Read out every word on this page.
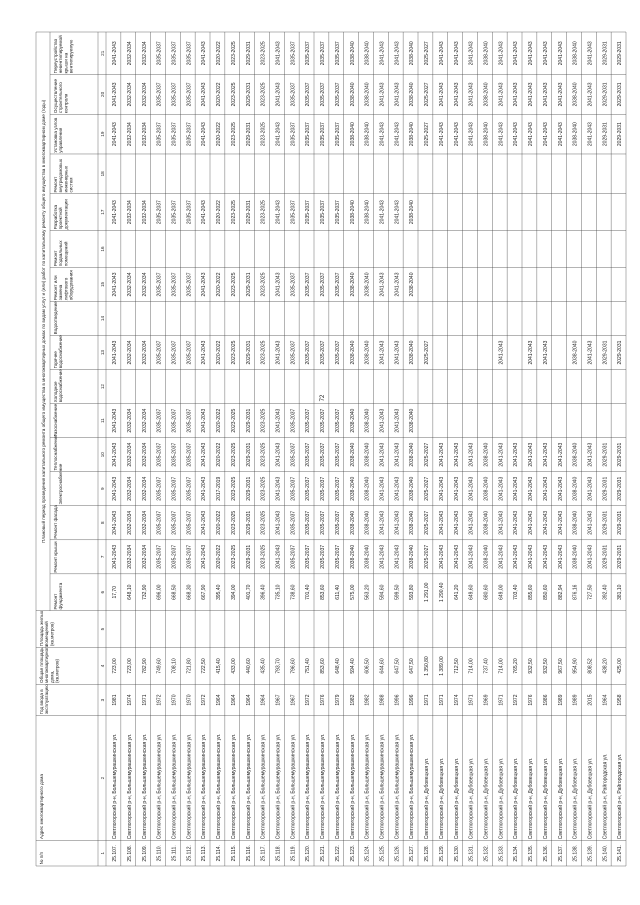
72
№ п/п
Адрес многоквартирного дома
Год ввода в эксплуатацию
Общая площадь многоквартирного дома, (кв.метров)
Площадь жилых помещений (кв.метров)
Плановый период проведения капитального ремонта общего имущества в многоквартирных домах по видам услуг и (или) работ по капитальному ремонту общего имущества в многоквартирном доме (годы)
Ремонт фундамента
Ремонт крыши
Ремонт фасада
Электроснабжение
Теплоснабжение
Газоснабжение
Холодное водоснабжение
Горячее водоснабжение
Водоотведение
Ремонт или замена лифтового оборудования
Ремонт подвальных помещений
Разработка проектной документации
Ремонт внутридомовых инженерных систем
Установка узлов управления
Осуществление строительного контроля
Переустройство невентилируемой крыши на вентилируемую
1
2
3
4
5
6
7
8
9
10
11
12
13
14
15
16
17
18
19
20
21
25.107.
Светлогорский р-н, Большемурашкинская ул.
1981
723,00
17,70
2041-2043
2041-2043
2041-2043
2041-2043
2041-2043
2041-2043
2041-2043
2041-2043
2041-2043
2041-2043
2041-2043
25.108.
Светлогорский р-н, Большемурашкинская ул.
1974
723,00
648,10
2032-2034
2032-2034
2032-2034
2032-2034
2032-2034
2032-2034
2032-2034
2032-2034
2032-2034
2032-2034
2032-2034
25.109.
Светлогорский р-н, Большемурашкинская ул.
1971
782,90
732,90
2032-2034
2032-2034
2032-2034
2032-2034
2032-2034
2032-2034
2032-2034
2032-2034
2032-2034
2032-2034
2032-2034
25.110.
Светлогорский р-н, Большемурашкинская ул.
1972
749,60
696,00
2035-2037
2035-2037
2035-2037
2035-2037
2035-2037
2035-2037
2035-2037
2035-2037
2035-2037
2035-2037
2035-2037
25.111.
Светлогорский р-н, Большемурашкинская ул.
1970
708,10
668,50
2035-2037
2035-2037
2035-2037
2035-2037
2035-2037
2035-2037
2035-2037
2035-2037
2035-2037
2035-2037
2035-2037
25.112.
Светлогорский р-н, Большемурашкинская ул.
1970
721,80
668,30
2035-2037
2035-2037
2035-2037
2035-2037
2035-2037
2035-2037
2035-2037
2035-2037
2035-2037
2035-2037
2035-2037
25.113.
Светлогорский р-н, Большемурашкинская ул.
1972
722,50
667,90
2041-2043
2041-2043
2041-2043
2041-2043
2041-2043
2041-2043
2041-2043
2041-2043
2041-2043
2041-2043
2041-2043
25.114.
Светлогорский р-н, Большемурашкинская ул.
1964
415,40
395,40
2020-2022
2020-2022
2017-2019
2020-2022
2020-2022
2020-2022
2020-2022
2020-2022
2020-2022
2020-2022
2020-2022
25.115.
Светлогорский р-н, Большемурашкинская ул.
1964
433,00
394,00
2023-2025
2023-2025
2023-2025
2023-2025
2023-2025
2023-2025
2023-2025
2023-2025
2023-2025
2023-2025
2023-2025
25.116.
Светлогорский р-н, Большемурашкинская ул.
1964
440,60
401,70
2029-2031
2029-2031
2029-2031
2029-2031
2029-2031
2029-2031
2029-2031
2029-2031
2029-2031
2029-2031
2029-2031
25.117.
Светлогорский р-н, Большемурашкинская ул.
1964
435,40
396,40
2023-2025
2023-2025
2023-2025
2023-2025
2023-2025
2023-2025
2023-2025
2023-2025
2023-2025
2023-2025
2023-2025
25.118.
Светлогорский р-н, Большемурашкинская ул.
1967
793,70
735,10
2041-2043
2041-2043
2041-2043
2041-2043
2041-2043
2041-2043
2041-2043
2041-2043
2041-2043
2041-2043
2041-2043
25.119.
Светлогорский р-н, Большемурашкинская ул.
1967
796,60
738,60
2035-2037
2035-2037
2035-2037
2035-2037
2035-2037
2035-2037
2035-2037
2035-2037
2035-2037
2035-2037
2035-2037
25.120.
Светлогорский р-н, Большемурашкинская ул.
1972
751,40
701,40
2035-2037
2035-2037
2035-2037
2035-2037
2035-2037
2035-2037
2035-2037
2035-2037
2035-2037
2035-2037
2035-2037
25.121.
Светлогорский р-н, Большемурашкинская ул.
1976
853,60
853,60
2035-2037
2035-2037
2035-2037
2035-2037
2035-2037
2035-2037
2035-2037
2035-2037
2035-2037
2035-2037
2035-2037
25.122.
Светлогорский р-н, Большемурашкинская ул.
1979
648,40
611,40
2035-2037
2035-2037
2035-2037
2035-2037
2035-2037
2035-2037
2035-2037
2035-2037
2035-2037
2035-2037
2035-2037
25.123.
Светлогорский р-н, Большемурашкинская ул.
1982
594,40
575,00
2038-2040
2038-2040
2038-2040
2038-2040
2038-2040
2038-2040
2038-2040
2038-2040
2038-2040
2038-2040
2038-2040
25.124.
Светлогорский р-н, Большемурашкинская ул.
1982
606,50
563,20
2038-2040
2038-2040
2038-2040
2038-2040
2038-2040
2038-2040
2038-2040
2038-2040
2038-2040
2038-2040
2038-2040
25.125.
Светлогорский р-н, Большемурашкинская ул.
1988
644,60
594,60
2041-2043
2041-2043
2041-2043
2041-2043
2041-2043
2041-2043
2041-2043
2041-2043
2041-2043
2041-2043
2041-2043
25.126.
Светлогорский р-н, Большемурашкинская ул.
1996
647,50
599,50
2041-2043
2041-2043
2041-2043
2041-2043
2041-2043
2041-2043
2041-2043
2041-2043
2041-2043
2041-2043
2041-2043
25.127.
Светлогорский р-н, Большемурашкинская ул.
1996
647,50
593,80
2038-2040
2038-2040
2038-2040
2038-2040
2038-2040
2038-2040
2038-2040
2038-2040
2038-2040
2038-2040
2038-2040
25.128.
Светлогорский р-н, Дубовецкая ул.
1971
1 350,80
1 291,00
2025-2027
2025-2027
2025-2027
2025-2027
2025-2027
2025-2027
2025-2027
2025-2027
25.129.
Светлогорский р-н, Дубовецкая ул.
1971
1 389,00
1 290,40
2041-2043
2041-2043
2041-2043
2041-2043
2041-2043
2041-2043
2041-2043
25.130.
Светлогорский р-н, Дубовецкая ул.
1974
712,50
641,20
2041-2043
2041-2043
2041-2043
2041-2043
2041-2043
2041-2043
2041-2043
25.131.
Светлогорский р-н, Дубовецкая ул.
1971
714,00
649,60
2041-2043
2041-2043
2041-2043
2041-2043
2041-2043
2041-2043
2041-2043
25.132.
Светлогорский р-н, Дубовецкая ул.
1969
737,40
680,60
2038-2040
2038-2040
2038-2040
2038-2040
2038-2040
2038-2040
2038-2040
25.133.
Светлогорский р-н, Дубовецкая ул.
1971
714,00
649,00
2041-2043
2041-2043
2041-2043
2041-2043
2041-2043
2041-2043
2041-2043
2041-2043
25.134.
Светлогорский р-н, Дубовецкая ул.
1972
765,20
703,40
2041-2043
2041-2043
2041-2043
2041-2043
2041-2043
2041-2043
2041-2043
25.135.
Светлогорский р-н, Дубовецкая ул.
1976
932,50
855,60
2041-2043
2041-2043
2041-2043
2041-2043
2041-2043
2041-2043
2041-2043
2041-2043
25.136.
Светлогорский р-н, Дубовецкая ул.
1986
932,50
850,60
2041-2043
2041-2043
2041-2043
2041-2043
2041-2043
2041-2043
2041-2043
2041-2043
25.137.
Светлогорский р-н, Дубовецкая ул.
1989
967,50
882,94
2041-2043
2041-2043
2041-2043
2041-2043
2041-2043
2041-2043
2041-2043
25.138.
Светлогорский р-н, Дубовецкая ул.
1989
954,90
876,16
2038-2040
2038-2040
2038-2040
2038-2040
2038-2040
2038-2040
2038-2040
2038-2040
25.139.
Светлогорский р-н, Дубовецкая ул.
2015
808,52
727,50
2041-2043
2041-2043
2041-2043
2041-2043
2041-2043
2041-2043
2041-2043
2041-2043
25.140.
Светлогорский р-н, Райгородская ул.
1964
438,20
392,40
2029-2031
2029-2031
2029-2031
2029-2031
2029-2031
2029-2031
2029-2031
2029-2031
25.141.
Светлогорский р-н, Райгородская ул.
1958
425,00
381,10
2029-2031
2029-2031
2029-2031
2029-2031
2029-2031
2029-2031
2029-2031
2029-2031
